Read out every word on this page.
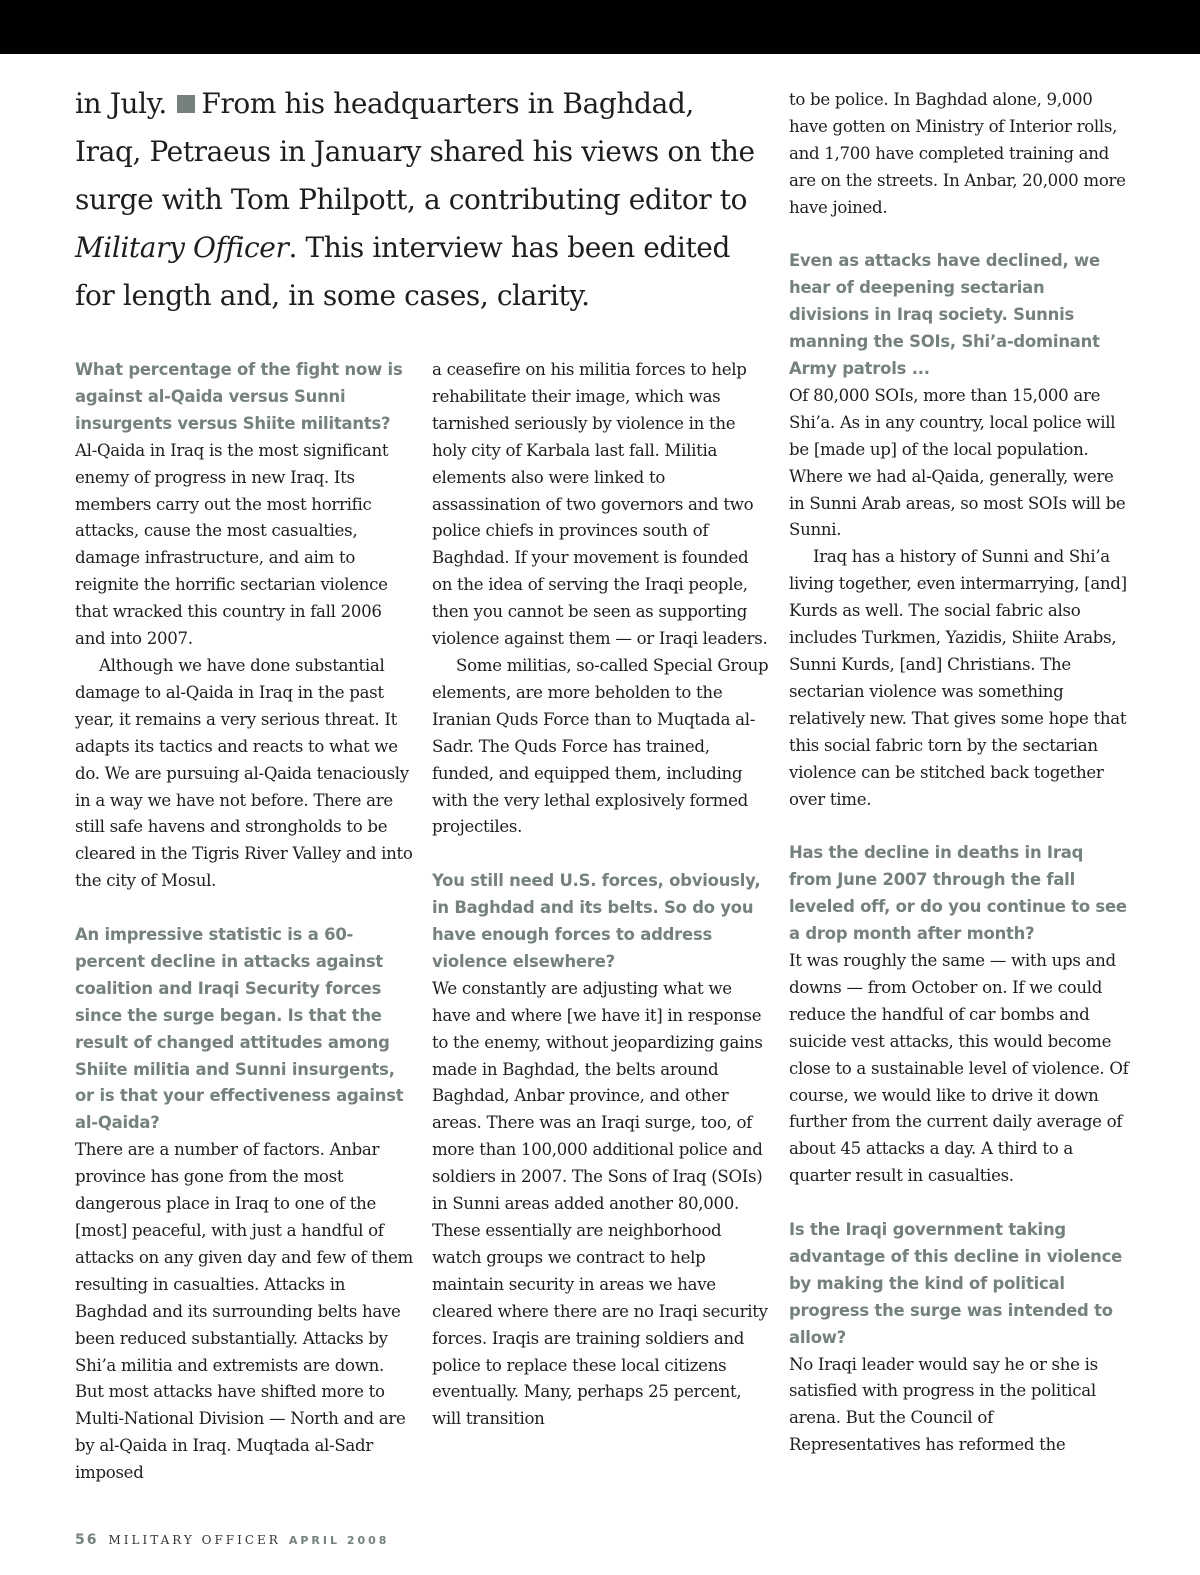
in July. From his headquarters in Baghdad, Iraq, Petraeus in January shared his views on the surge with Tom Philpott, a contributing editor to Military Officer. This interview has been edited for length and, in some cases, clarity.

What percentage of the fight now is against al-Qaida versus Sunni insurgents versus Shiite militants?

Al-Qaida in Iraq is the most significant enemy of progress in new Iraq. Its members carry out the most horrific attacks, cause the most casualties, damage infrastructure, and aim to reignite the horrific sectarian violence that wracked this country in fall 2006 and into 2007.

Although we have done substantial damage to al-Qaida in Iraq in the past year, it remains a very serious threat. It adapts its tactics and reacts to what we do. We are pursuing al-Qaida tenaciously in a way we have not before. There are still safe havens and strongholds to be cleared in the Tigris River Valley and into the city of Mosul.

An impressive statistic is a 60-percent decline in attacks against coalition and Iraqi Security forces since the surge began. Is that the result of changed attitudes among Shiite militia and Sunni insurgents, or is that your effectiveness against al-Qaida?

There are a number of factors. Anbar province has gone from the most dangerous place in Iraq to one of the [most] peaceful, with just a handful of attacks on any given day and few of them resulting in casualties. Attacks in Baghdad and its surrounding belts have been reduced substantially. Attacks by Shi’a militia and extremists are down. But most attacks have shifted more to Multi-National Division — North and are by al-Qaida in Iraq. Muqtada al-Sadr imposed

a ceasefire on his militia forces to help rehabilitate their image, which was tarnished seriously by violence in the holy city of Karbala last fall. Militia elements also were linked to assassination of two governors and two police chiefs in provinces south of Baghdad. If your movement is founded on the idea of serving the Iraqi people, then you cannot be seen as supporting violence against them — or Iraqi leaders.

Some militias, so-called Special Group elements, are more beholden to the Iranian Quds Force than to Muqtada al-Sadr. The Quds Force has trained, funded, and equipped them, including with the very lethal explosively formed projectiles.

You still need U.S. forces, obviously, in Baghdad and its belts. So do you have enough forces to address violence elsewhere?

We constantly are adjusting what we have and where [we have it] in response to the enemy, without jeopardizing gains made in Baghdad, the belts around Baghdad, Anbar province, and other areas. There was an Iraqi surge, too, of more than 100,000 additional police and soldiers in 2007. The Sons of Iraq (SOIs) in Sunni areas added another 80,000. These essentially are neighborhood watch groups we contract to help maintain security in areas we have cleared where there are no Iraqi security forces. Iraqis are training soldiers and police to replace these local citizens eventually. Many, perhaps 25 percent, will transition

to be police. In Baghdad alone, 9,000 have gotten on Ministry of Interior rolls, and 1,700 have completed training and are on the streets. In Anbar, 20,000 more have joined.

Even as attacks have declined, we hear of deepening sectarian divisions in Iraq society. Sunnis manning the SOIs, Shi’a-dominant Army patrols ...

Of 80,000 SOIs, more than 15,000 are Shi’a. As in any country, local police will be [made up] of the local population. Where we had al-Qaida, generally, were in Sunni Arab areas, so most SOIs will be Sunni.

Iraq has a history of Sunni and Shi’a living together, even intermarrying, [and] Kurds as well. The social fabric also includes Turkmen, Yazidis, Shiite Arabs, Sunni Kurds, [and] Christians. The sectarian violence was something relatively new. That gives some hope that this social fabric torn by the sectarian violence can be stitched back together over time.

Has the decline in deaths in Iraq from June 2007 through the fall leveled off, or do you continue to see a drop month after month?

It was roughly the same — with ups and downs — from October on. If we could reduce the handful of car bombs and suicide vest attacks, this would become close to a sustainable level of violence. Of course, we would like to drive it down further from the current daily average of about 45 attacks a day. A third to a quarter result in casualties.

Is the Iraqi government taking advantage of this decline in violence by making the kind of political progress the surge was intended to allow?

No Iraqi leader would say he or she is satisfied with progress in the political arena. But the Council of Representatives has reformed the

56 MILITARY OFFICER APRIL 2008
